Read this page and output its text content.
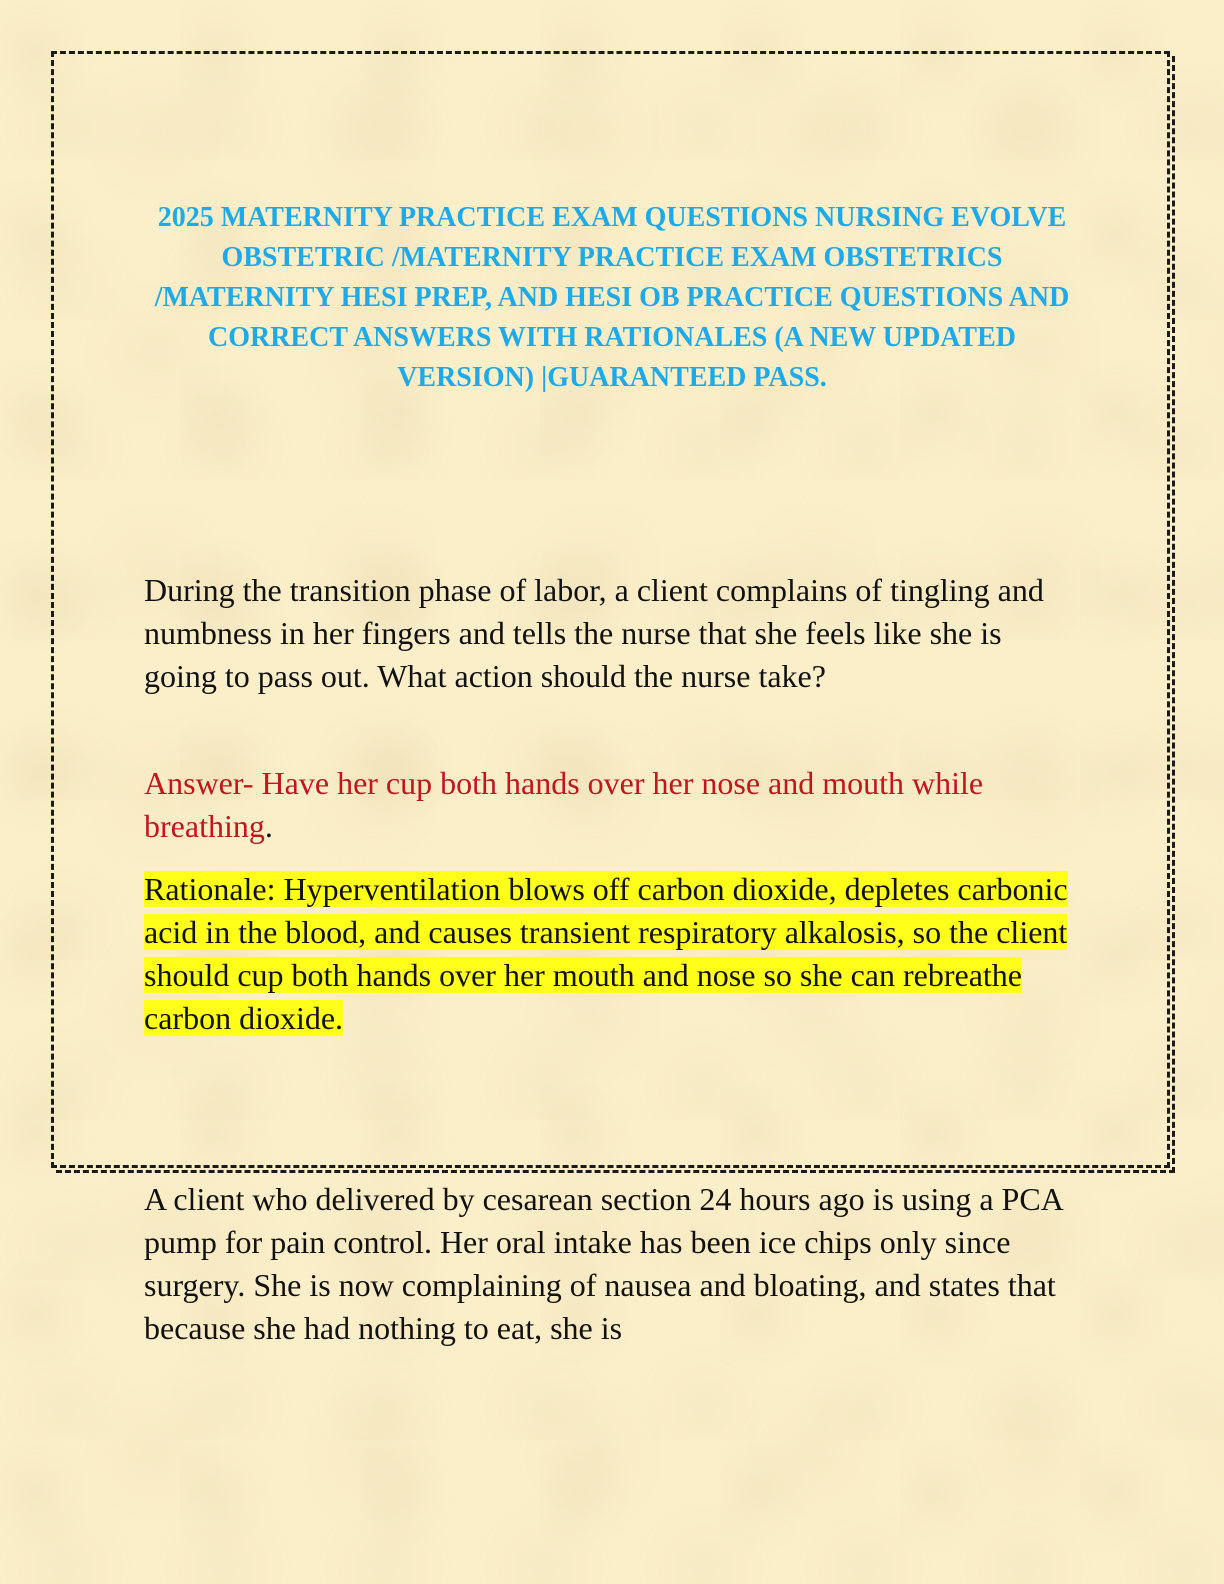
2025 MATERNITY PRACTICE EXAM QUESTIONS NURSING EVOLVE OBSTETRIC /MATERNITY PRACTICE EXAM OBSTETRICS /MATERNITY HESI PREP, AND HESI OB PRACTICE QUESTIONS AND CORRECT ANSWERS WITH RATIONALES (A NEW UPDATED VERSION) |GUARANTEED PASS.

During the transition phase of labor, a client complains of tingling and numbness in her fingers and tells the nurse that she feels like she is going to pass out. What action should the nurse take?

Answer- Have her cup both hands over her nose and mouth while breathing.

Rationale: Hyperventilation blows off carbon dioxide, depletes carbonic acid in the blood, and causes transient respiratory alkalosis, so the client should cup both hands over her mouth and nose so she can rebreathe carbon dioxide.

A client who delivered by cesarean section 24 hours ago is using a PCA pump for pain control. Her oral intake has been ice chips only since surgery. She is now complaining of nausea and bloating, and states that because she had nothing to eat, she is
